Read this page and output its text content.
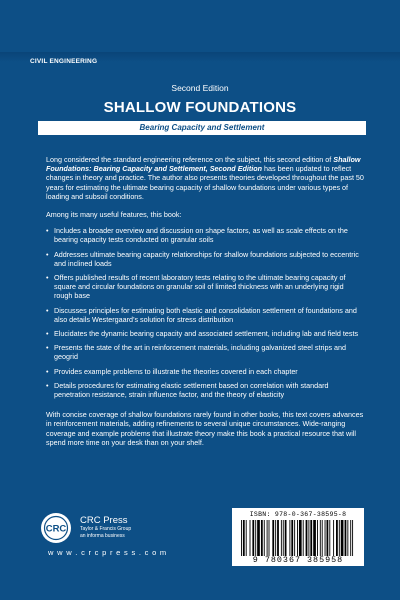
CIVIL ENGINEERING
Second Edition
SHALLOW FOUNDATIONS
Bearing Capacity and Settlement

Long considered the standard engineering reference on the subject, this second edition of Shallow Foundations: Bearing Capacity and Settlement, Second Edition has been updated to reflect changes in theory and practice. The author also presents theories developed throughout the past 50 years for estimating the ultimate bearing capacity of shallow foundations under various types of loading and subsoil conditions.

Among its many useful features, this book:

• Includes a broader overview and discussion on shape factors, as well as scale effects on the bearing capacity tests conducted on granular soils
• Addresses ultimate bearing capacity relationships for shallow foundations subjected to eccentric and inclined loads
• Offers published results of recent laboratory tests relating to the ultimate bearing capacity of square and circular foundations on granular soil of limited thickness with an underlying rigid rough base
• Discusses principles for estimating both elastic and consolidation settlement of foundations and also details Westergaard’s solution for stress distribution
• Elucidates the dynamic bearing capacity and associated settlement, including lab and field tests
• Presents the state of the art in reinforcement materials, including galvanized steel strips and geogrid
• Provides example problems to illustrate the theories covered in each chapter
• Details procedures for estimating elastic settlement based on correlation with standard penetration resistance, strain influence factor, and the theory of elasticity

With concise coverage of shallow foundations rarely found in other books, this text covers advances in reinforcement materials, adding refinements to several unique circumstances. Wide-ranging coverage and example problems that illustrate theory make this book a practical resource that will spend more time on your desk than on your shelf.

CRC
CRC Press
Taylor & Francis Group
an informa business
w w w . c r c p r e s s . c o m
ISBN: 978-0-367-38595-8
9 780367 385958
